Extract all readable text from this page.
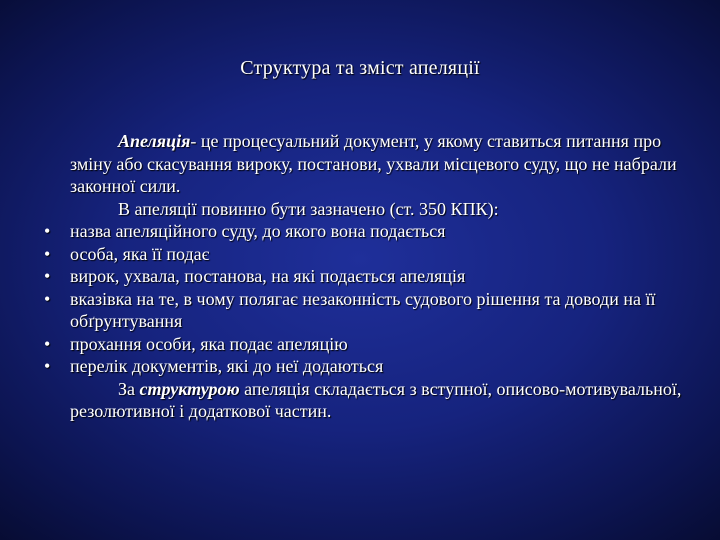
Структура та зміст апеляції

Апеляція- це процесуальний документ, у якому ставиться питання про зміну або скасування вироку, постанови, ухвали місцевого суду, що не набрали законної сили.

В апеляції повинно бути зазначено (ст. 350 КПК):

• назва апеляційного суду, до якого вона подається
• особа, яка її подає
• вирок, ухвала, постанова, на які подається апеляція
• вказівка на те, в чому полягає незаконність судового рішення та доводи на її обґрунтування
• прохання особи, яка подає апеляцію
• перелік документів, які до неї додаються

За структурою апеляція складається з вступної, описово-мотивувальної, резолютивної і додаткової частин.
